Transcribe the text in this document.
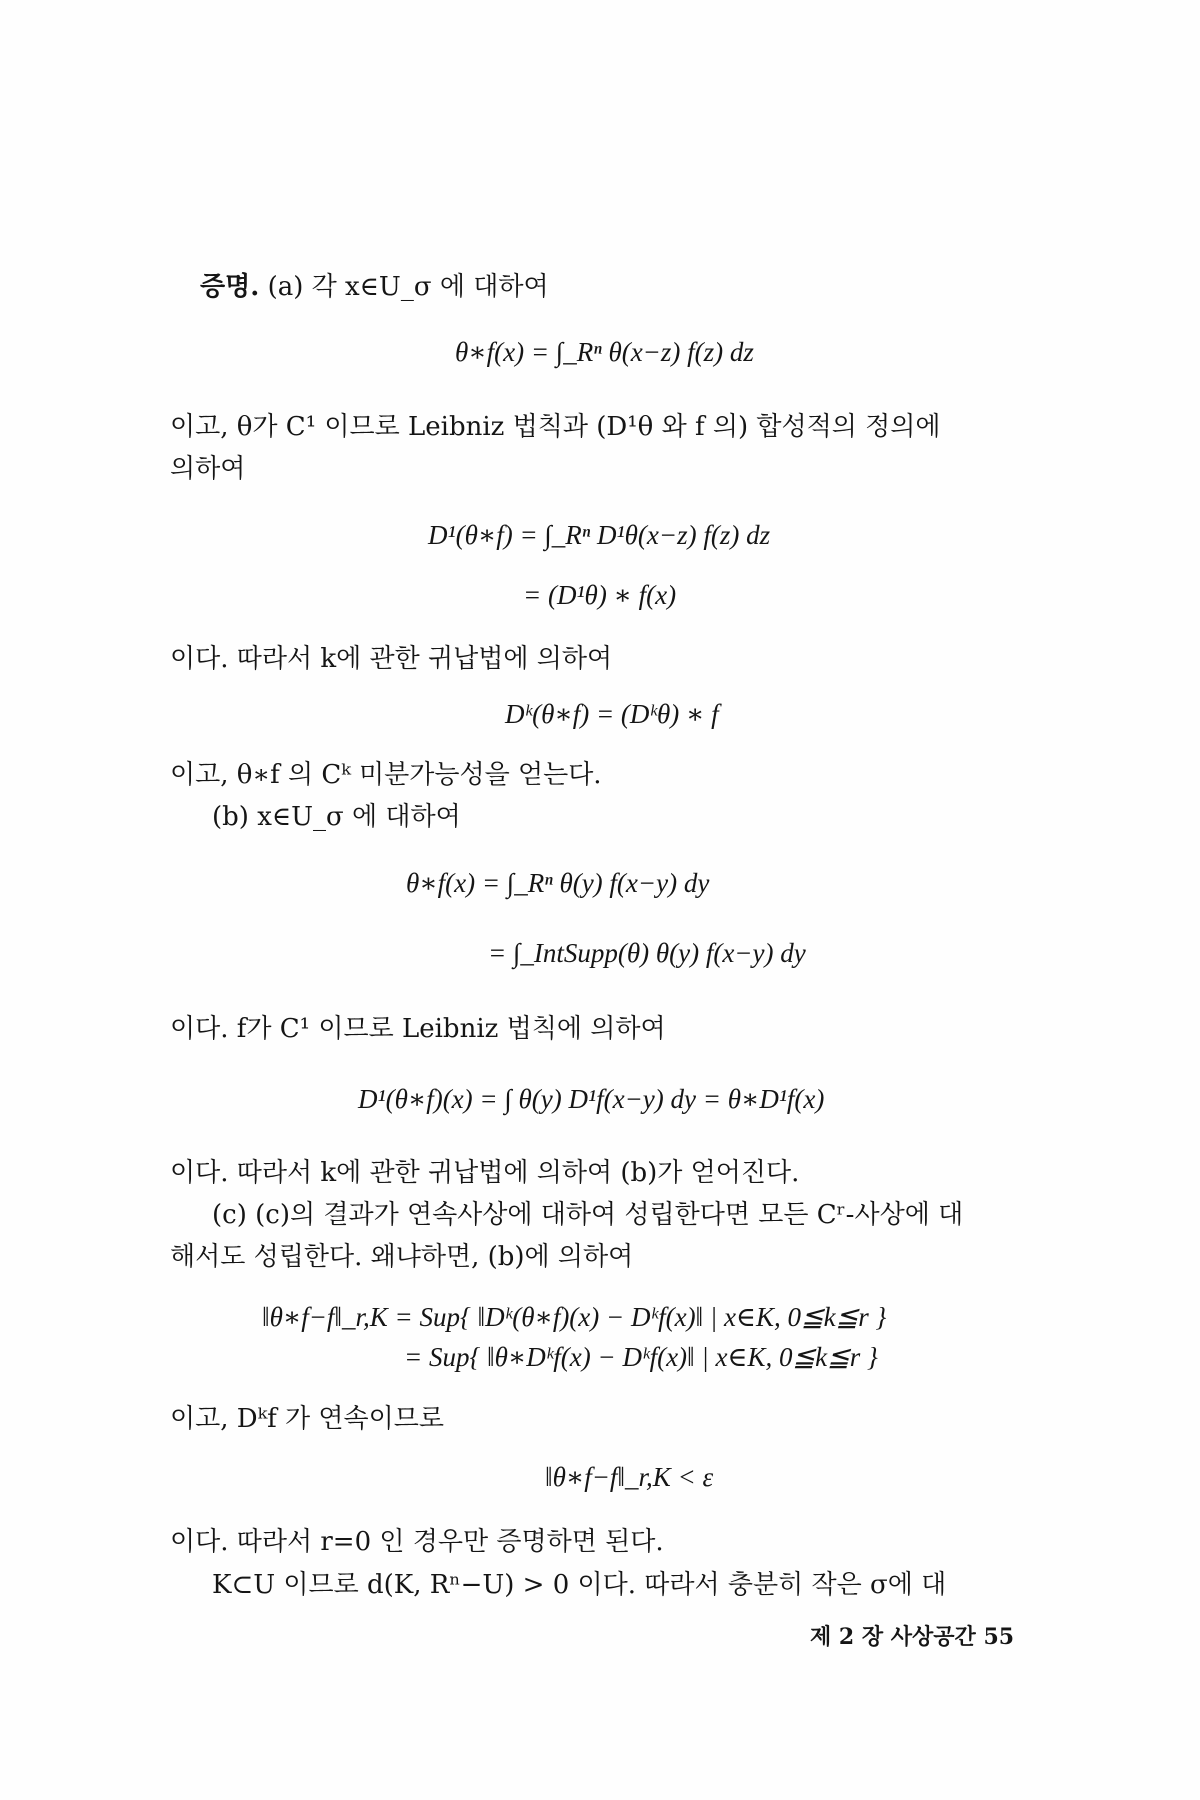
증명. (a) 각 x∈U_σ 에 대하여
θ∗f(x) = ∫_Rⁿ θ(x−z) f(z) dz
이고, θ가 C¹ 이므로 Leibniz 법칙과 (D¹θ 와 f 의) 합성적의 정의에
의하여
D¹(θ∗f) = ∫_Rⁿ D¹θ(x−z) f(z) dz
= (D¹θ) ∗ f(x)
이다. 따라서 k에 관한 귀납법에 의하여
Dᵏ(θ∗f) = (Dᵏθ) ∗ f
이고, θ∗f 의 Cᵏ 미분가능성을 얻는다.
(b) x∈U_σ 에 대하여
θ∗f(x) = ∫_Rⁿ θ(y) f(x−y) dy
= ∫_IntSupp(θ) θ(y) f(x−y) dy
이다. f가 C¹ 이므로 Leibniz 법칙에 의하여
D¹(θ∗f)(x) = ∫ θ(y) D¹f(x−y) dy = θ∗D¹f(x)
이다. 따라서 k에 관한 귀납법에 의하여 (b)가 얻어진다.
(c) (c)의 결과가 연속사상에 대하여 성립한다면 모든 Cʳ-사상에 대
해서도 성립한다. 왜냐하면, (b)에 의하여
‖θ∗f−f‖_r,K = Sup{ ‖Dᵏ(θ∗f)(x) − Dᵏf(x)‖ | x∈K, 0≦k≦r }
= Sup{ ‖θ∗Dᵏf(x) − Dᵏf(x)‖ | x∈K, 0≦k≦r }
이고, Dᵏf 가 연속이므로
‖θ∗f−f‖_r,K < ε
이다. 따라서 r=0 인 경우만 증명하면 된다.
K⊂U 이므로 d(K, Rⁿ−U) > 0 이다. 따라서 충분히 작은 σ에 대
제 2 장 사상공간 55
